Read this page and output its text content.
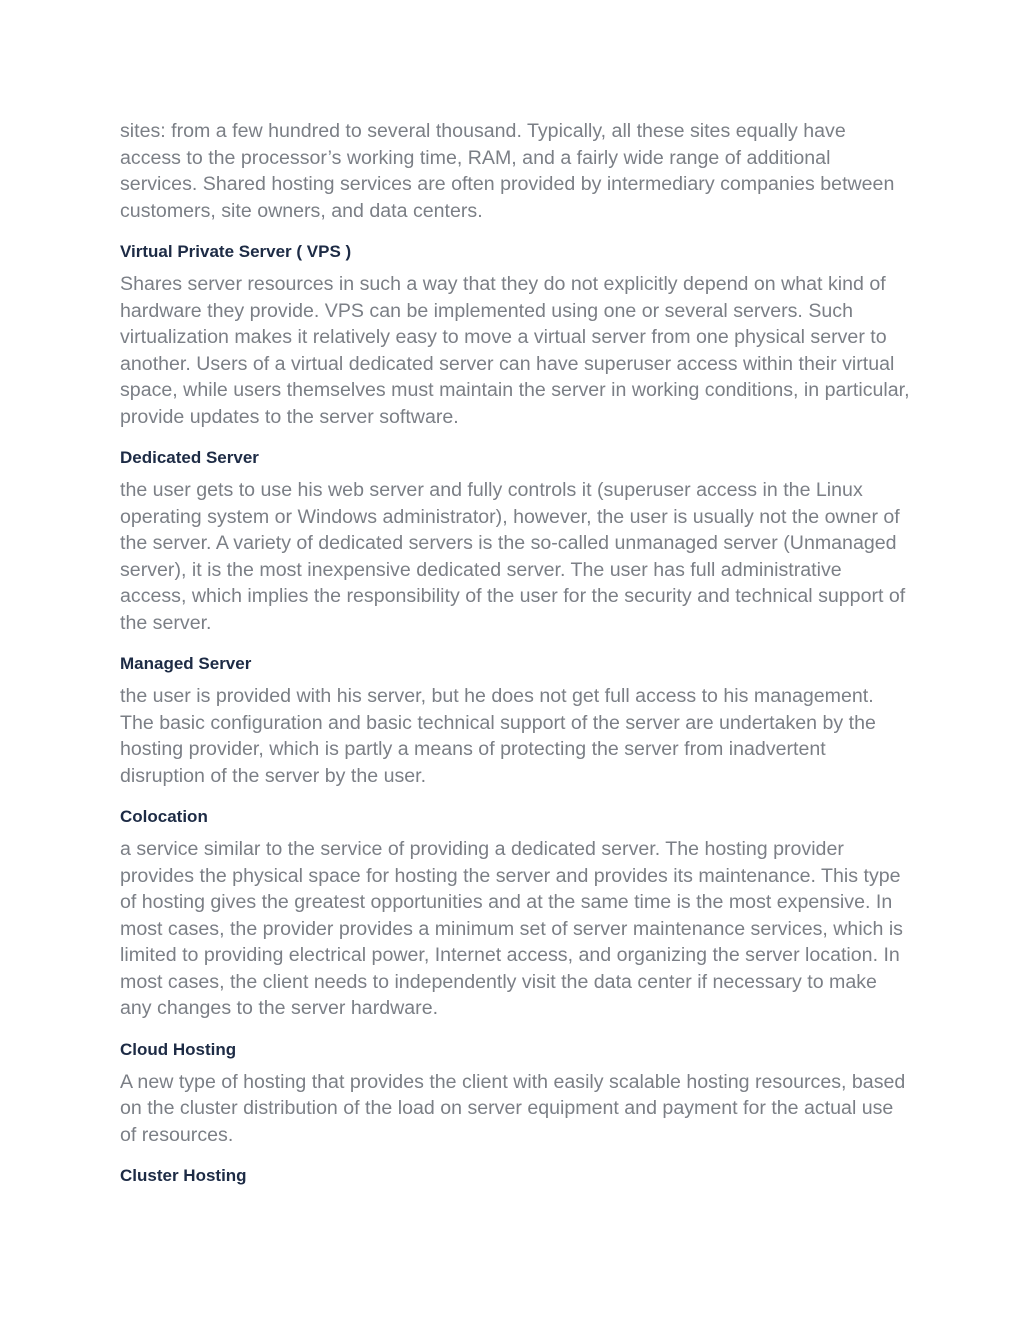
sites: from a few hundred to several thousand. Typically, all these sites equally have access to the processor’s working time, RAM, and a fairly wide range of additional services. Shared hosting services are often provided by intermediary companies between customers, site owners, and data centers.

Virtual Private Server ( VPS )

Shares server resources in such a way that they do not explicitly depend on what kind of hardware they provide. VPS can be implemented using one or several servers. Such virtualization makes it relatively easy to move a virtual server from one physical server to another. Users of a virtual dedicated server can have superuser access within their virtual space, while users themselves must maintain the server in working conditions, in particular, provide updates to the server software.

Dedicated Server

the user gets to use his web server and fully controls it (superuser access in the Linux operating system or Windows administrator), however, the user is usually not the owner of the server. A variety of dedicated servers is the so-called unmanaged server (Unmanaged server), it is the most inexpensive dedicated server. The user has full administrative access, which implies the responsibility of the user for the security and technical support of the server.

Managed Server

the user is provided with his server, but he does not get full access to his management. The basic configuration and basic technical support of the server are undertaken by the hosting provider, which is partly a means of protecting the server from inadvertent disruption of the server by the user.

Colocation

a service similar to the service of providing a dedicated server. The hosting provider provides the physical space for hosting the server and provides its maintenance. This type of hosting gives the greatest opportunities and at the same time is the most expensive. In most cases, the provider provides a minimum set of server maintenance services, which is limited to providing electrical power, Internet access, and organizing the server location. In most cases, the client needs to independently visit the data center if necessary to make any changes to the server hardware.

Cloud Hosting

A new type of hosting that provides the client with easily scalable hosting resources, based on the cluster distribution of the load on server equipment and payment for the actual use of resources.

Cluster Hosting
